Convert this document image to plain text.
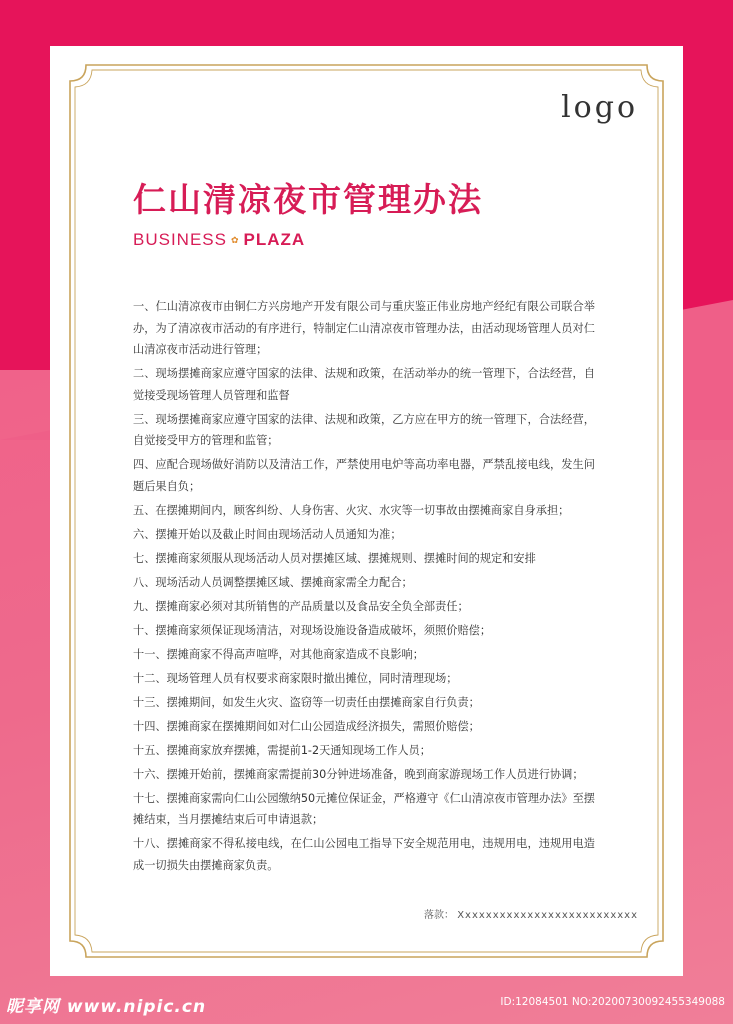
logo
仁山清凉夜市管理办法
BUSINESS ✿ PLAZA
一、仁山清凉夜市由铜仁方兴房地产开发有限公司与重庆鉴正伟业房地产经纪有限公司联合举办，为了清凉夜市活动的有序进行，特制定仁山清凉夜市管理办法，由活动现场管理人员对仁山清凉夜市活动进行管理；
二、现场摆摊商家应遵守国家的法律、法规和政策，在活动举办的统一管理下，合法经营，自觉接受现场管理人员管理和监督
三、现场摆摊商家应遵守国家的法律、法规和政策，乙方应在甲方的统一管理下，合法经营，自觉接受甲方的管理和监管；
四、应配合现场做好消防以及清洁工作，严禁使用电炉等高功率电器，严禁乱接电线，发生问题后果自负；
五、在摆摊期间内，顾客纠纷、人身伤害、火灾、水灾等一切事故由摆摊商家自身承担；
六、摆摊开始以及截止时间由现场活动人员通知为准；
七、摆摊商家须服从现场活动人员对摆摊区域、摆摊规则、摆摊时间的规定和安排
八、现场活动人员调整摆摊区域、摆摊商家需全力配合；
九、摆摊商家必须对其所销售的产品质量以及食品安全负全部责任；
十、摆摊商家须保证现场清洁，对现场设施设备造成破坏，须照价赔偿；
十一、摆摊商家不得高声喧哗，对其他商家造成不良影响；
十二、现场管理人员有权要求商家限时撤出摊位，同时清理现场；
十三、摆摊期间，如发生火灾、盗窃等一切责任由摆摊商家自行负责；
十四、摆摊商家在摆摊期间如对仁山公园造成经济损失，需照价赔偿；
十五、摆摊商家放弃摆摊，需提前1-2天通知现场工作人员；
十六、摆摊开始前，摆摊商家需提前30分钟进场准备，晚到商家游现场工作人员进行协调；
十七、摆摊商家需向仁山公园缴纳50元摊位保证金，严格遵守《仁山清凉夜市管理办法》至摆摊结束，当月摆摊结束后可申请退款；
十八、摆摊商家不得私接电线，在仁山公园电工指导下安全规范用电，违规用电，违规用电造成一切损失由摆摊商家负责。
落款： Xxxxxxxxxxxxxxxxxxxxxxxxxx
昵享网 www.nipic.cn	ID:12084501 NO:20200730092455349088
